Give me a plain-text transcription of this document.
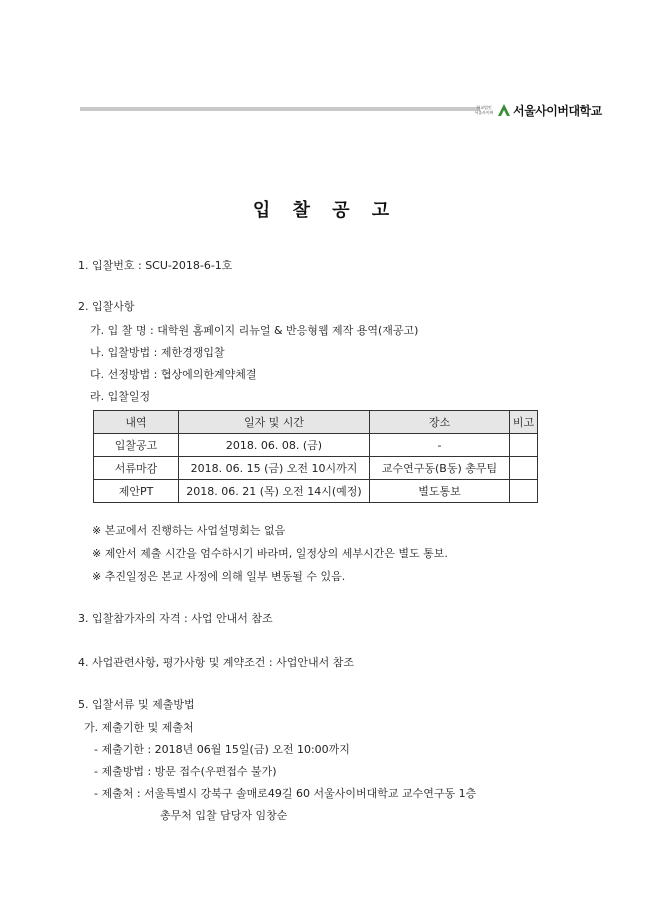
학교법인 서울사이버 서울사이버대학교
입 찰 공 고
1. 입찰번호 : SCU-2018-6-1호
2. 입찰사항
가. 입 찰 명 : 대학원 홈페이지 리뉴얼 & 반응형웹 제작 용역(재공고)
나. 입찰방법 : 제한경쟁입찰
다. 선정방법 : 협상에의한계약체결
라. 입찰일정
내역	일자 및 시간	장소	비고
입찰공고	2018. 06. 08. (금)	-	
서류마감	2018. 06. 15 (금) 오전 10시까지	교수연구동(B동) 총무팀	
제안PT	2018. 06. 21 (목) 오전 14시(예정)	별도통보	
※ 본교에서 진행하는 사업설명회는 없음
※ 제안서 제출 시간을 엄수하시기 바라며, 일정상의 세부시간은 별도 통보.
※ 추진일정은 본교 사정에 의해 일부 변동될 수 있음.
3. 입찰참가자의 자격 : 사업 안내서 참조
4. 사업관련사항, 평가사항 및 계약조건 : 사업안내서 참조
5. 입찰서류 및 제출방법
가. 제출기한 및 제출처
- 제출기한 : 2018년 06월 15일(금) 오전 10:00까지
- 제출방법 : 방문 접수(우편접수 불가)
- 제출처 : 서울특별시 강북구 솔매로49길 60 서울사이버대학교 교수연구동 1층
총무처 입찰 담당자 임창순
